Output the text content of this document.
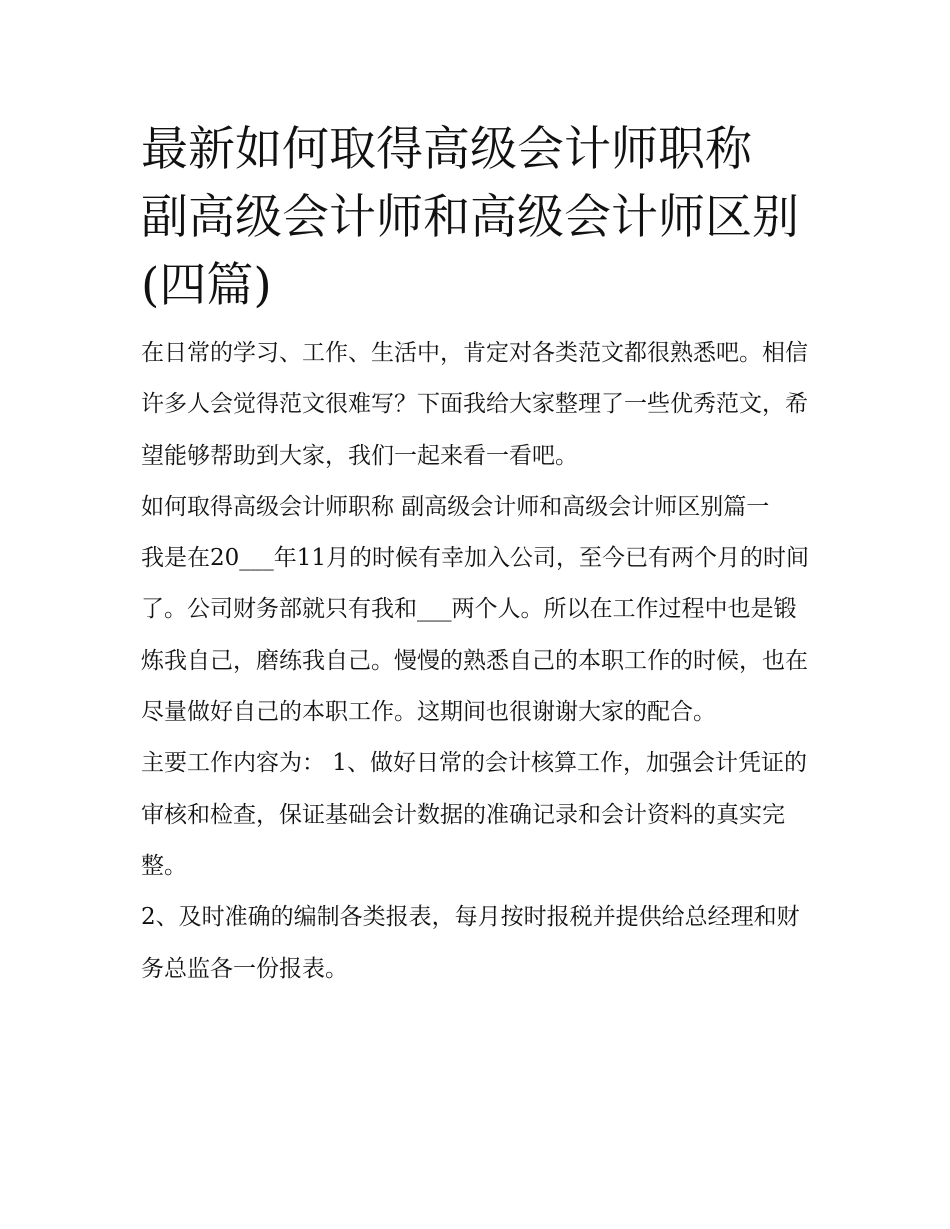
最新如何取得高级会计师职称 副高级会计师和高级会计师区别(四篇)

在日常的学习、工作、生活中，肯定对各类范文都很熟悉吧。相信许多人会觉得范文很难写？下面我给大家整理了一些优秀范文，希望能够帮助到大家，我们一起来看一看吧。

如何取得高级会计师职称 副高级会计师和高级会计师区别篇一

我是在20___年11月的时候有幸加入公司，至今已有两个月的时间了。公司财务部就只有我和___两个人。所以在工作过程中也是锻炼我自己，磨练我自己。慢慢的熟悉自己的本职工作的时候，也在尽量做好自己的本职工作。这期间也很谢谢大家的配合。

主要工作内容为： 1、做好日常的会计核算工作，加强会计凭证的审核和检查，保证基础会计数据的准确记录和会计资料的真实完整。

2、及时准确的编制各类报表，每月按时报税并提供给总经理和财务总监各一份报表。
